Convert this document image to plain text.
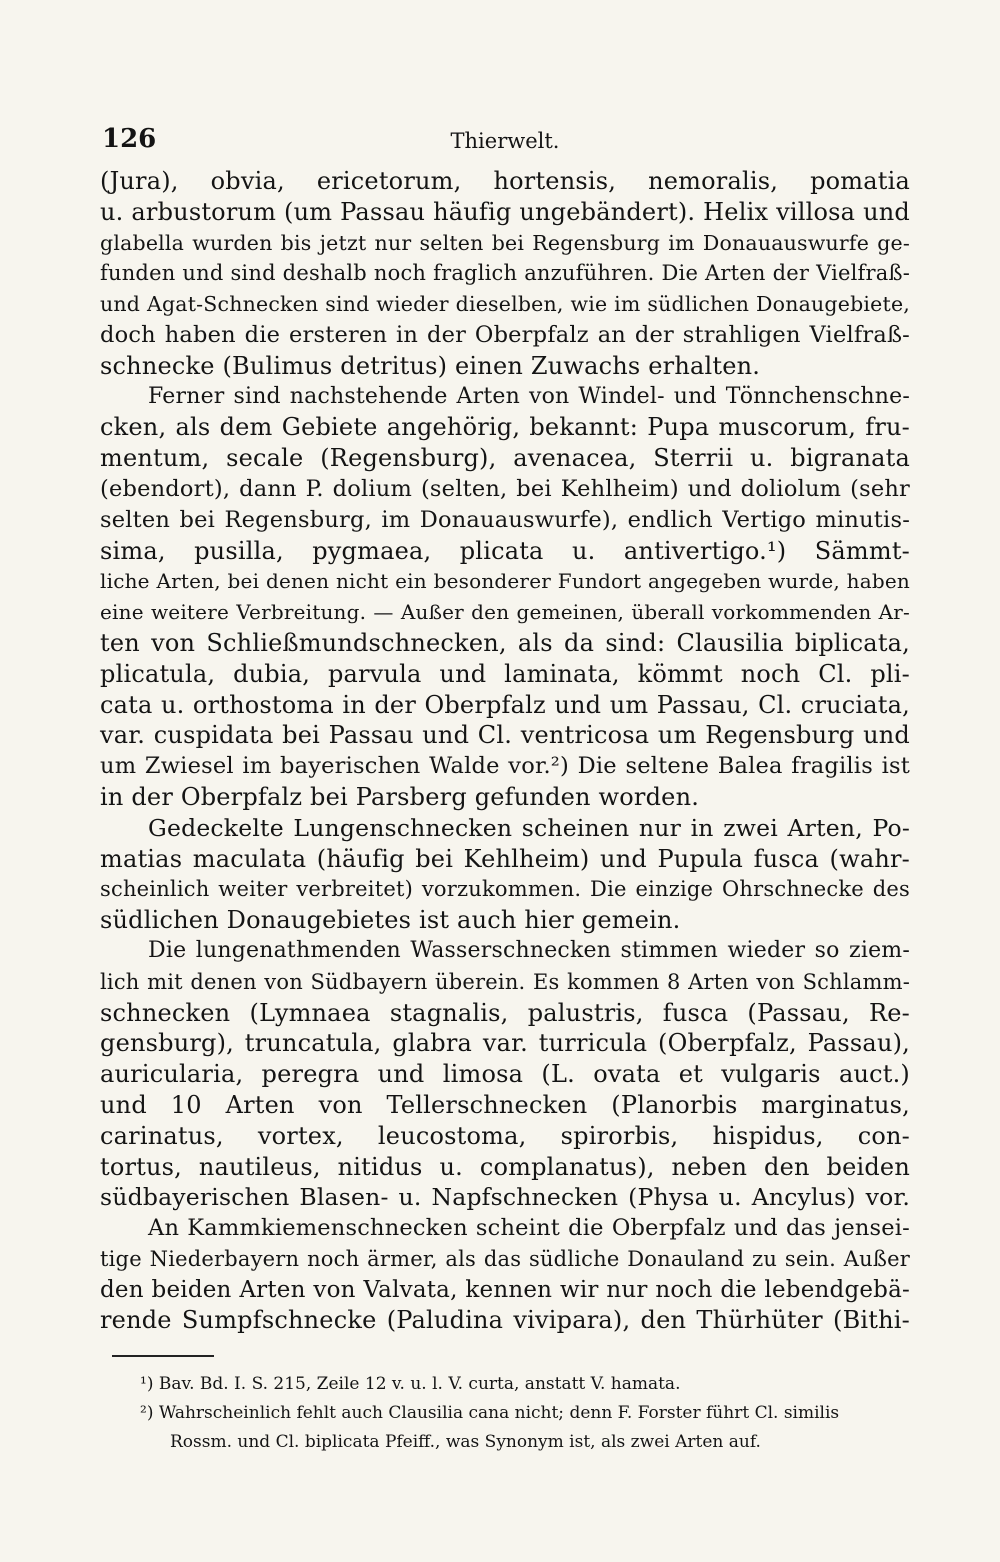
126	Thierwelt.
(Jura), obvia, ericetorum, hortensis, nemoralis, pomatia
u. arbustorum (um Passau häufig ungebändert). Helix villosa und
glabella wurden bis jetzt nur selten bei Regensburg im Donauauswurfe ge-
funden und sind deshalb noch fraglich anzuführen. Die Arten der Vielfraß-
und Agat-Schnecken sind wieder dieselben, wie im südlichen Donaugebiete,
doch haben die ersteren in der Oberpfalz an der strahligen Vielfraß-
schnecke (Bulimus detritus) einen Zuwachs erhalten.
Ferner sind nachstehende Arten von Windel- und Tönnchenschne-
cken, als dem Gebiete angehörig, bekannt: Pupa muscorum, fru-
mentum, secale (Regensburg), avenacea, Sterrii u. bigranata
(ebendort), dann P. dolium (selten, bei Kehlheim) und doliolum (sehr
selten bei Regensburg, im Donauauswurfe), endlich Vertigo minutis-
sima, pusilla, pygmaea, plicata u. antivertigo.¹) Sämmt-
liche Arten, bei denen nicht ein besonderer Fundort angegeben wurde, haben
eine weitere Verbreitung. — Außer den gemeinen, überall vorkommenden Ar-
ten von Schließmundschnecken, als da sind: Clausilia biplicata,
plicatula, dubia, parvula und laminata, kömmt noch Cl. pli-
cata u. orthostoma in der Oberpfalz und um Passau, Cl. cruciata,
var. cuspidata bei Passau und Cl. ventricosa um Regensburg und
um Zwiesel im bayerischen Walde vor.²) Die seltene Balea fragilis ist
in der Oberpfalz bei Parsberg gefunden worden.
Gedeckelte Lungenschnecken scheinen nur in zwei Arten, Po-
matias maculata (häufig bei Kehlheim) und Pupula fusca (wahr-
scheinlich weiter verbreitet) vorzukommen. Die einzige Ohrschnecke des
südlichen Donaugebietes ist auch hier gemein.
Die lungenathmenden Wasserschnecken stimmen wieder so ziem-
lich mit denen von Südbayern überein. Es kommen 8 Arten von Schlamm-
schnecken (Lymnaea stagnalis, palustris, fusca (Passau, Re-
gensburg), truncatula, glabra var. turricula (Oberpfalz, Passau),
auricularia, peregra und limosa (L. ovata et vulgaris auct.)
und 10 Arten von Tellerschnecken (Planorbis marginatus,
carinatus, vortex, leucostoma, spirorbis, hispidus, con-
tortus, nautileus, nitidus u. complanatus), neben den beiden
südbayerischen Blasen- u. Napfschnecken (Physa u. Ancylus) vor.
An Kammkiemenschnecken scheint die Oberpfalz und das jensei-
tige Niederbayern noch ärmer, als das südliche Donauland zu sein. Außer
den beiden Arten von Valvata, kennen wir nur noch die lebendgebä-
rende Sumpfschnecke (Paludina vivipara), den Thürhüter (Bithi-
¹) Bav. Bd. I. S. 215, Zeile 12 v. u. l. V. curta, anstatt V. hamata.
²) Wahrscheinlich fehlt auch Clausilia cana nicht; denn F. Forster führt Cl. similis
Rossm. und Cl. biplicata Pfeiff., was Synonym ist, als zwei Arten auf.
